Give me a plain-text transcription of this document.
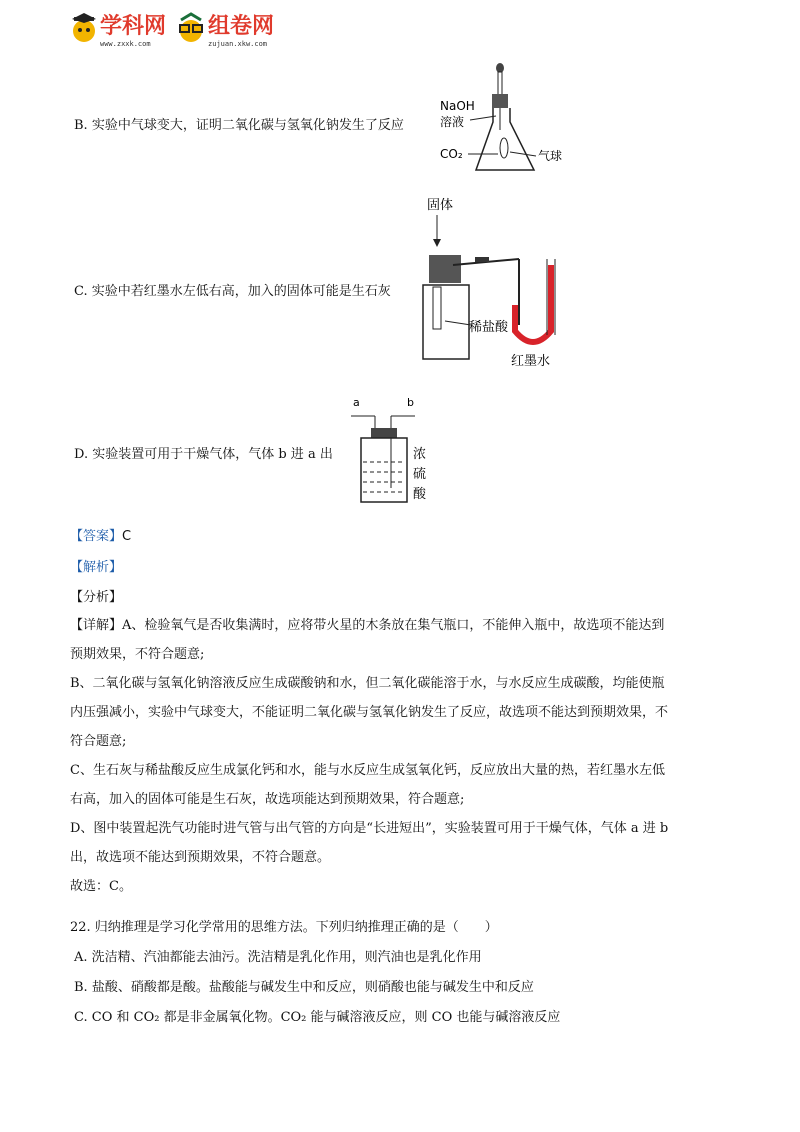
学科网
www.zxxk.com
组卷网
zujuan.xkw.com
B. 实验中气球变大，证明二氧化碳与氢氧化钠发生了反应
NaOH
溶液
CO₂	气球
C. 实验中若红墨水左低右高，加入的固体可能是生石灰
固体
稀盐酸
红墨水
D. 实验装置可用于干燥气体，气体 b 进 a 出
a	b
浓
硫
酸
【答案】C
【解析】
【分析】
【详解】A、检验氧气是否收集满时，应将带火星的木条放在集气瓶口，不能伸入瓶中，故选项不能达到
预期效果，不符合题意;
B、二氧化碳与氢氧化钠溶液反应生成碳酸钠和水，但二氧化碳能溶于水，与水反应生成碳酸，均能使瓶
内压强减小，实验中气球变大，不能证明二氧化碳与氢氧化钠发生了反应，故选项不能达到预期效果，不
符合题意;
C、生石灰与稀盐酸反应生成氯化钙和水，能与水反应生成氢氧化钙，反应放出大量的热，若红墨水左低
右高，加入的固体可能是生石灰，故选项能达到预期效果，符合题意;
D、图中装置起洗气功能时进气管与出气管的方向是“长进短出”，实验装置可用于干燥气体，气体 a 进 b
出，故选项不能达到预期效果，不符合题意。
故选：C。
22. 归纳推理是学习化学常用的思维方法。下列归纳推理正确的是（　　）
A. 洗洁精、汽油都能去油污。洗洁精是乳化作用，则汽油也是乳化作用
B. 盐酸、硝酸都是酸。盐酸能与碱发生中和反应，则硝酸也能与碱发生中和反应
C. CO 和 CO₂ 都是非金属氧化物。CO₂ 能与碱溶液反应，则 CO 也能与碱溶液反应
